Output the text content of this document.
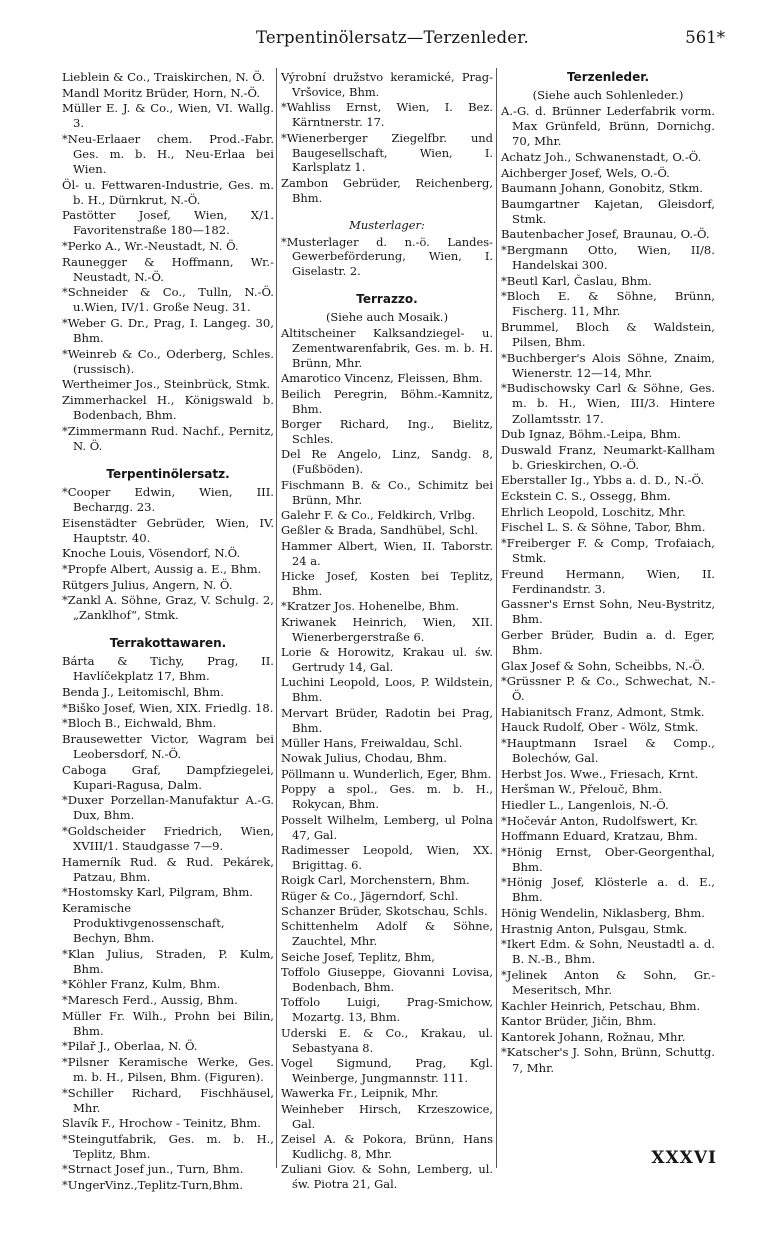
Terpentinölersatz—Terzenleder.	561*
Lieblein & Co., Traiskirchen, N. Ö.
Mandl Moritz Brüder, Horn, N.-Ö.
Müller E. J. & Co., Wien, VI. Wallg. 3.
*Neu-Erlaaer chem. Prod.-Fabr. Ges. m. b. H., Neu-Erlaa bei Wien.
Öl- u. Fettwaren-Industrie, Ges. m. b. H., Dürnkrut, N.-Ö.
Pastötter Josef, Wien, X/1. Favoritenstraße 180—182.
*Perko A., Wr.-Neustadt, N. Ö.
Raunegger & Hoffmann, Wr.-Neustadt, N.-Ö.
*Schneider & Co., Tulln, N.-Ö. u.Wien, IV/1. Große Neug. 31.
*Weber G. Dr., Prag, I. Langeg. 30, Bhm.
*Weinreb & Co., Oderberg, Schles. (russisch).
Wertheimer Jos., Steinbrück, Stmk.
Zimmerhackel H., Königswald b. Bodenbach, Bhm.
*Zimmermann Rud. Nachf., Pernitz, N. Ö.
Terpentinölersatz.
*Cooper Edwin, Wien, III. Becharдg. 23.
Eisenstädter Gebrüder, Wien, IV. Hauptstr. 40.
Knoche Louis, Vösendorf, N.Ö.
*Propfe Albert, Aussig a. E., Bhm.
Rütgers Julius, Angern, N. Ö.
*Zankl A. Söhne, Graz, V. Schulg. 2, „Zanklhof“, Stmk.
Terrakottawaren.
Bárta & Tichy, Prag, II. Havlíčekplatz 17, Bhm.
Benda J., Leitomischl, Bhm.
*Biško Josef, Wien, XIX. Friedlg. 18.
*Bloch B., Eichwald, Bhm.
Brausewetter Victor, Wagram bei Leobersdorf, N.-Ö.
Caboga Graf, Dampfziegelei, Kupari-Ragusa, Dalm.
*Duxer Porzellan-Manufaktur A.-G. Dux, Bhm.
*Goldscheider Friedrich, Wien, XVIII/1. Staudgasse 7—9.
Hamerník Rud. & Rud. Pekárek, Patzau, Bhm.
*Hostomsky Karl, Pilgram, Bhm.
Keramische Produktivgenossenschaft, Bechyn, Bhm.
*Klan Julius, Straden, P. Kulm, Bhm.
*Köhler Franz, Kulm, Bhm.
*Maresch Ferd., Aussig, Bhm.
Müller Fr. Wilh., Prohn bei Bilin, Bhm.
*Pilař J., Oberlaa, N. Ö.
*Pilsner Keramische Werke, Ges. m. b. H., Pilsen, Bhm. (Figuren).
*Schiller Richard, Fischhäusel, Mhr.
Slavík F., Hrochow - Teinitz, Bhm.
*Steingutfabrik, Ges. m. b. H., Teplitz, Bhm.
*Strnact Josef jun., Turn, Bhm.
*UngerVinz.,Teplitz-Turn,Bhm.
Výrobní družstvo keramické, Prag-Vršovice, Bhm.
*Wahliss Ernst, Wien, I. Bez. Kärntnerstr. 17.
*Wienerberger Ziegelfbr. und Baugesellschaft, Wien, I. Karlsplatz 1.
Zambon Gebrüder, Reichenberg, Bhm.
Musterlager:
*Musterlager d. n.-ö. Landes-Gewerbeförderung, Wien, I. Giselastr. 2.
Terrazzo.
(Siehe auch Mosaik.)
Altitscheiner Kalksandziegel- u. Zementwarenfabrik, Ges. m. b. H. Brünn, Mhr.
Amarotico Vincenz, Fleissen, Bhm.
Beilich Peregrin, Böhm.-Kamnitz, Bhm.
Borger Richard, Ing., Bielitz, Schles.
Del Re Angelo, Linz, Sandg. 8, (Fußböden).
Fischmann B. & Co., Schimitz bei Brünn, Mhr.
Galehr F. & Co., Feldkirch, Vrlbg.
Geßler & Brada, Sandhübel, Schl.
Hammer Albert, Wien, II. Taborstr. 24 a.
Hicke Josef, Kosten bei Teplitz, Bhm.
*Kratzer Jos. Hohenelbe, Bhm.
Kriwanek Heinrich, Wien, XII. Wienerbergerstraße 6.
Lorie & Horowitz, Krakau ul. św. Gertrudy 14, Gal.
Luchini Leopold, Loos, P. Wildstein, Bhm.
Mervart Brüder, Radotin bei Prag, Bhm.
Müller Hans, Freiwaldau, Schl.
Nowak Julius, Chodau, Bhm.
Pöllmann u. Wunderlich, Eger, Bhm.
Poppy a spol., Ges. m. b. H., Rokycan, Bhm.
Posselt Wilhelm, Lemberg, ul Polna 47, Gal.
Radimesser Leopold, Wien, XX. Brigittag. 6.
Roigk Carl, Morchenstern, Bhm.
Rüger & Co., Jägerndorf, Schl.
Schanzer Brüder, Skotschau, Schls.
Schittenhelm Adolf & Söhne, Zauchtel, Mhr.
Seiche Josef, Teplitz, Bhm,
Toffolo Giuseppe, Giovanni Lovisa, Bodenbach, Bhm.
Toffolo Luigi, Prag-Smichow, Mozartg. 13, Bhm.
Uderski E. & Co., Krakau, ul. Sebastyana 8.
Vogel Sigmund, Prag, Kgl. Weinberge, Jungmannstr. 111.
Wawerka Fr., Leipnik, Mhr.
Weinheber Hirsch, Krzeszowice, Gal.
Zeisel A. & Pokora, Brünn, Hans Kudlichg. 8, Mhr.
Zuliani Giov. & Sohn, Lemberg, ul. św. Piotra 21, Gal.
Terzenleder.
(Siehe auch Sohlenleder.)
A.-G. d. Brünner Lederfabrik vorm. Max Grünfeld, Brünn, Dornichg. 70, Mhr.
Achatz Joh., Schwanenstadt, O.-Ö.
Aichberger Josef, Wels, O.-Ö.
Baumann Johann, Gonobitz, Stkm.
Baumgartner Kajetan, Gleisdorf, Stmk.
Bautenbacher Josef, Braunau, O.-Ö.
*Bergmann Otto, Wien, II/8. Handelskai 300.
*Beutl Karl, Časlau, Bhm.
*Bloch E. & Söhne, Brünn, Fischerg. 11, Mhr.
Brummel, Bloch & Waldstein, Pilsen, Bhm.
*Buchberger's Alois Söhne, Znaim, Wienerstr. 12—14, Mhr.
*Budischowsky Carl & Söhne, Ges. m. b. H., Wien, III/3. Hintere Zollamtsstr. 17.
Dub Ignaz, Böhm.-Leipa, Bhm.
Duswald Franz, Neumarkt-Kallham b. Grieskirchen, O.-Ö.
Eberstaller Ig., Ybbs a. d. D., N.-Ö.
Eckstein C. S., Ossegg, Bhm.
Ehrlich Leopold, Loschitz, Mhr.
Fischel L. S. & Söhne, Tabor, Bhm.
*Freiberger F. & Comp, Trofaiach, Stmk.
Freund Hermann, Wien, II. Ferdinandstr. 3.
Gassner's Ernst Sohn, Neu-Bystritz, Bhm.
Gerber Brüder, Budin a. d. Eger, Bhm.
Glax Josef & Sohn, Scheibbs, N.-Ö.
*Grüssner P. & Co., Schwechat, N.-Ö.
Habianitsch Franz, Admont, Stmk.
Hauck Rudolf, Ober - Wölz, Stmk.
*Hauptmann Israel & Comp., Bolechów, Gal.
Herbst Jos. Wwe., Friesach, Krnt.
Heršman W., Přelouč, Bhm.
Hiedler L., Langenlois, N.-Ö.
*Hočevár Anton, Rudolfswert, Kr.
Hoffmann Eduard, Kratzau, Bhm.
*Hönig Ernst, Ober-Georgenthal, Bhm.
*Hönig Josef, Klösterle a. d. E., Bhm.
Hönig Wendelin, Niklasberg, Bhm.
Hrastnig Anton, Pulsgau, Stmk.
*Ikert Edm. & Sohn, Neustadtl a. d. B. N.-B., Bhm.
*Jelinek Anton & Sohn, Gr.-Meseritsch, Mhr.
Kachler Heinrich, Petschau, Bhm.
Kantor Brüder, Jičin, Bhm.
Kantorek Johann, Rožnau, Mhr.
*Katscher's J. Sohn, Brünn, Schuttg. 7, Mhr.
XXXVI
